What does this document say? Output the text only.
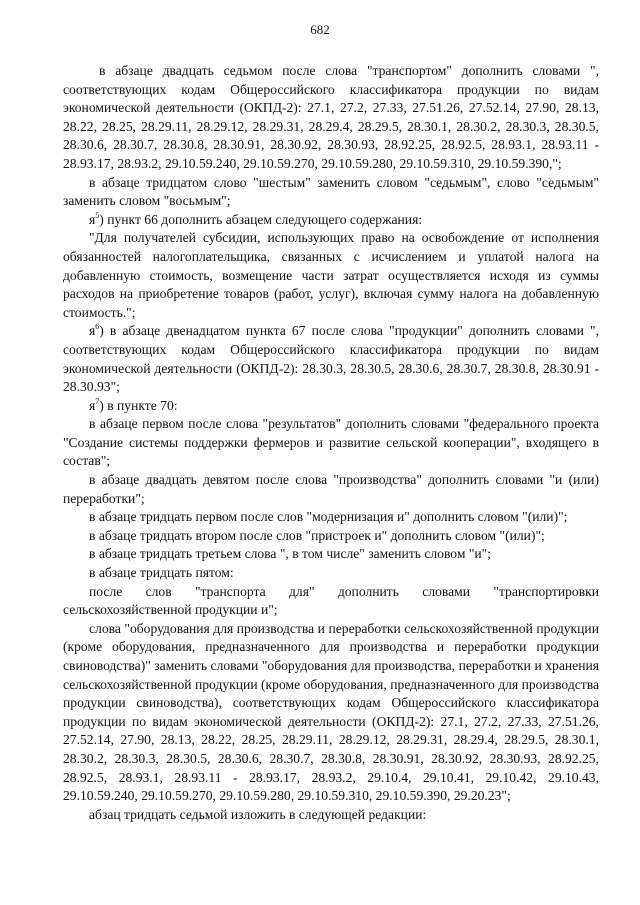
682

в абзаце двадцать седьмом после слова "транспортом" дополнить словами ", соответствующих кодам Общероссийского классификатора продукции по видам экономической деятельности (ОКПД-2): 27.1, 27.2, 27.33, 27.51.26, 27.52.14, 27.90, 28.13, 28.22, 28.25, 28.29.11, 28.29.12, 28.29.31, 28.29.4, 28.29.5, 28.30.1, 28.30.2, 28.30.3, 28.30.5, 28.30.6, 28.30.7, 28.30.8, 28.30.91, 28.30.92, 28.30.93, 28.92.25, 28.92.5, 28.93.1, 28.93.11 - 28.93.17, 28.93.2, 29.10.59.240, 29.10.59.270, 29.10.59.280, 29.10.59.310, 29.10.59.390,";

в абзаце тридцатом слово "шестым" заменить словом "седьмым", слово "седьмым" заменить словом "восьмым";

$я^5$) пункт 66 дополнить абзацем следующего содержания:

"Для получателей субсидии, использующих право на освобождение от исполнения обязанностей налогоплательщика, связанных с исчислением и уплатой налога на добавленную стоимость, возмещение части затрат осуществляется исходя из суммы расходов на приобретение товаров (работ, услуг), включая сумму налога на добавленную стоимость.";

$я^6$) в абзаце двенадцатом пункта 67 после слова "продукции" дополнить словами ", соответствующих кодам Общероссийского классификатора продукции по видам экономической деятельности (ОКПД-2): 28.30.3, 28.30.5, 28.30.6, 28.30.7, 28.30.8, 28.30.91 - 28.30.93";

$я^7$) в пункте 70:

в абзаце первом после слова "результатов" дополнить словами "федерального проекта "Создание системы поддержки фермеров и развитие сельской кооперации", входящего в состав";

в абзаце двадцать девятом после слова "производства" дополнить словами "и (или) переработки";

в абзаце тридцать первом после слов "модернизация и" дополнить словом "(или)";

в абзаце тридцать втором после слов "пристроек и" дополнить словом "(или)";

в абзаце тридцать третьем слова ", в том числе" заменить словом "и";

в абзаце тридцать пятом:

после слов "транспорта для" дополнить словами "транспортировки сельскохозяйственной продукции и";

слова "оборудования для производства и переработки сельскохозяйственной продукции (кроме оборудования, предназначенного для производства и переработки продукции свиноводства)" заменить словами "оборудования для производства, переработки и хранения сельскохозяйственной продукции (кроме оборудования, предназначенного для производства продукции свиноводства), соответствующих кодам Общероссийского классификатора продукции по видам экономической деятельности (ОКПД-2): 27.1, 27.2, 27.33, 27.51.26, 27.52.14, 27.90, 28.13, 28.22, 28.25, 28.29.11, 28.29.12, 28.29.31, 28.29.4, 28.29.5, 28.30.1, 28.30.2, 28.30.3, 28.30.5, 28.30.6, 28.30.7, 28.30.8, 28.30.91, 28.30.92, 28.30.93, 28.92.25, 28.92.5, 28.93.1, 28.93.11 - 28.93.17, 28.93.2, 29.10.4, 29.10.41, 29.10.42, 29.10.43, 29.10.59.240, 29.10.59.270, 29.10.59.280, 29.10.59.310, 29.10.59.390, 29.20.23";

абзац тридцать седьмой изложить в следующей редакции:
